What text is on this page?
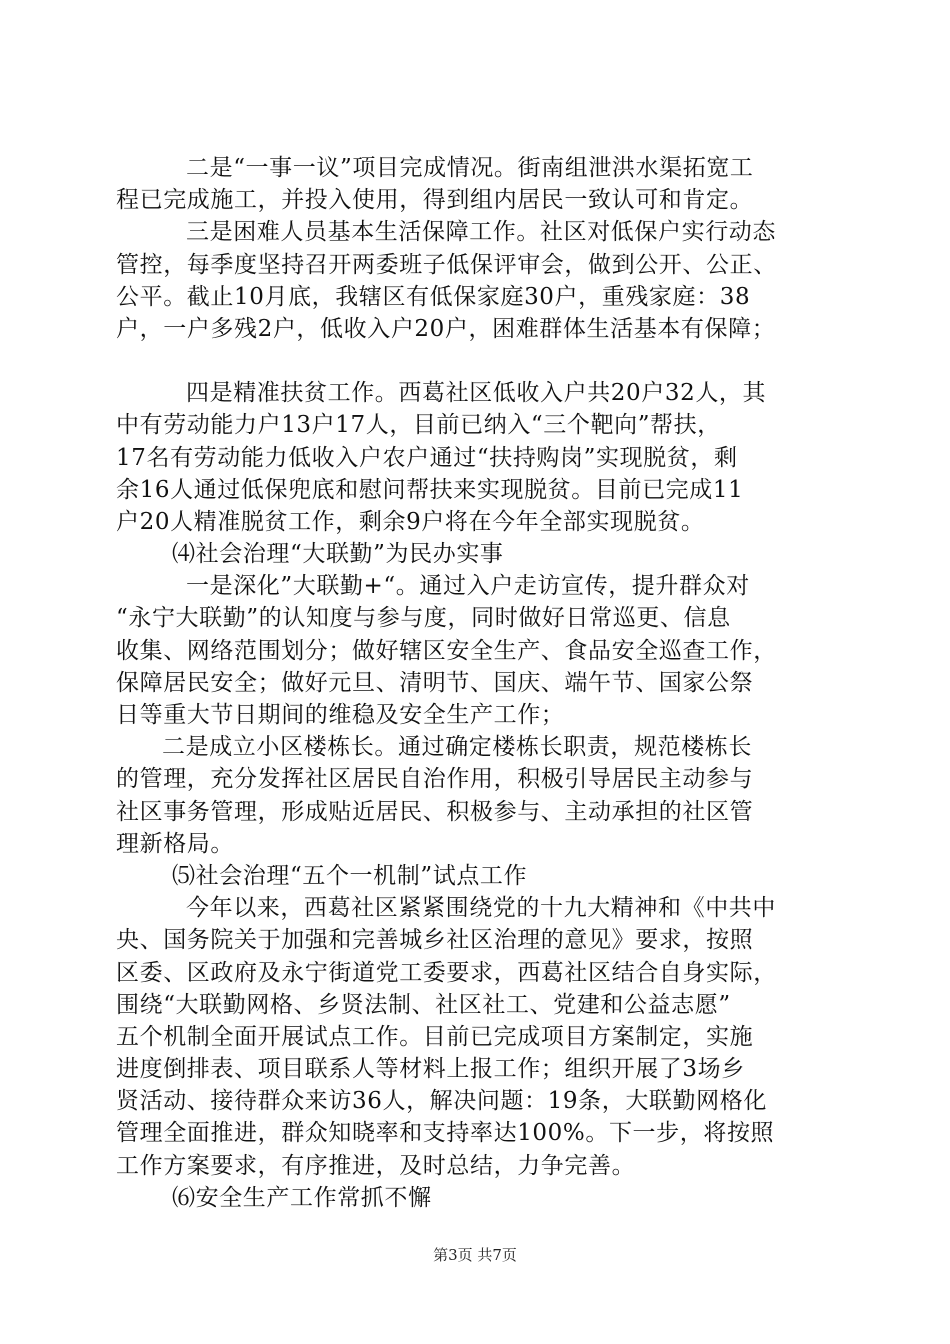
二是“一事一议”项目完成情况。街南组泄洪水渠拓宽工
程已完成施工，并投入使用，得到组内居民一致认可和肯定。
三是困难人员基本生活保障工作。社区对低保户实行动态
管控，每季度坚持召开两委班子低保评审会，做到公开、公正、
公平。截止10月底，我辖区有低保家庭30户，重残家庭：38
户，一户多残2户，低收入户20户，困难群体生活基本有保障；
四是精准扶贫工作。西葛社区低收入户共20户32人，其
中有劳动能力户13户17人，目前已纳入“三个靶向”帮扶，
17名有劳动能力低收入户农户通过“扶持购岗”实现脱贫，剩
余16人通过低保兜底和慰问帮扶来实现脱贫。目前已完成11
户20人精准脱贫工作，剩余9户将在今年全部实现脱贫。
⑷社会治理“大联勤”为民办实事
一是深化”大联勤+“。通过入户走访宣传，提升群众对
“永宁大联勤”的认知度与参与度，同时做好日常巡更、信息
收集、网络范围划分；做好辖区安全生产、食品安全巡查工作，
保障居民安全；做好元旦、清明节、国庆、端午节、国家公祭
日等重大节日期间的维稳及安全生产工作；
二是成立小区楼栋长。通过确定楼栋长职责，规范楼栋长
的管理，充分发挥社区居民自治作用，积极引导居民主动参与
社区事务管理，形成贴近居民、积极参与、主动承担的社区管
理新格局。
⑸社会治理“五个一机制”试点工作
今年以来，西葛社区紧紧围绕党的十九大精神和《中共中
央、国务院关于加强和完善城乡社区治理的意见》要求，按照
区委、区政府及永宁街道党工委要求，西葛社区结合自身实际，
围绕“大联勤网格、乡贤法制、社区社工、党建和公益志愿”
五个机制全面开展试点工作。目前已完成项目方案制定，实施
进度倒排表、项目联系人等材料上报工作；组织开展了3场乡
贤活动、接待群众来访36人，解决问题：19条，大联勤网格化
管理全面推进，群众知晓率和支持率达100%。下一步，将按照
工作方案要求，有序推进，及时总结，力争完善。
⑹安全生产工作常抓不懈
第3页 共7页
